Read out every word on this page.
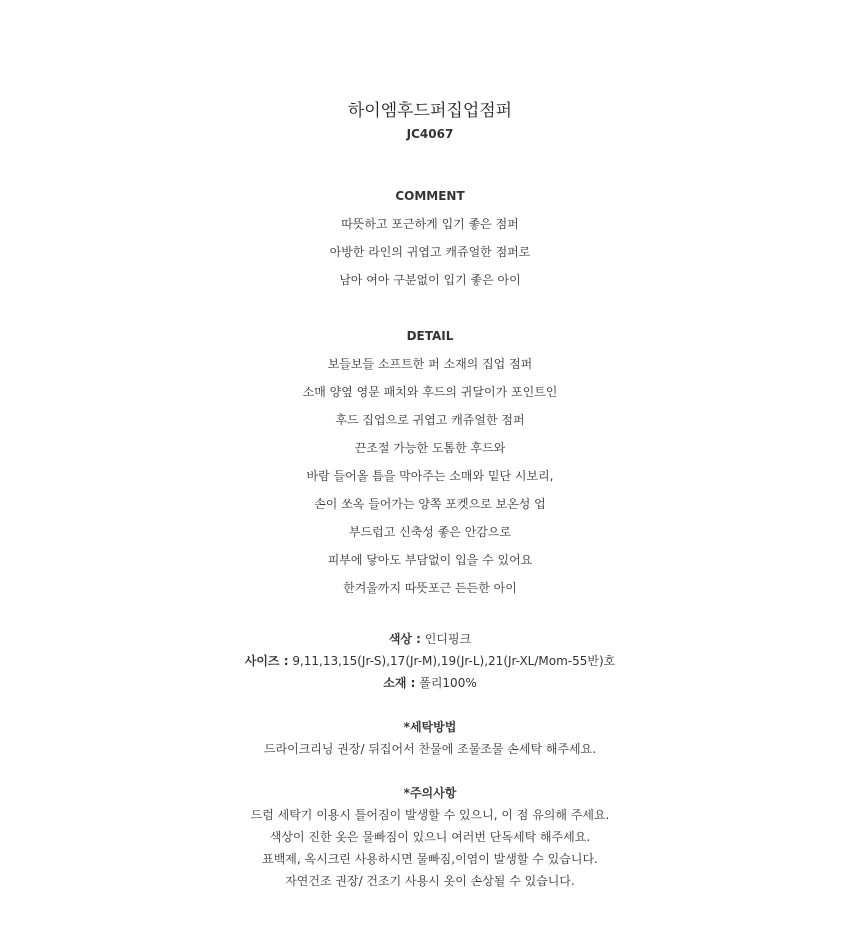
하이엠후드퍼집업점퍼
JC4067
COMMENT
따뜻하고 포근하게 입기 좋은 점퍼
아방한 라인의 귀엽고 캐쥬얼한 점퍼로
남아 여아 구분없이 입기 좋은 아이
DETAIL
보들보들 소프트한 퍼 소재의 집업 점퍼
소매 양옆 영문 패치와 후드의 귀달이가 포인트인
후드 집업으로 귀엽고 캐쥬얼한 점퍼
끈조절 가능한 도톰한 후드와
바람 들어올 틈을 막아주는 소매와 밑단 시보리,
손이 쏘옥 들어가는 양쪽 포켓으로 보온성 업
부드럽고 신축성 좋은 안감으로
피부에 닿아도 부담없이 입을 수 있어요
한겨울까지 따뜻포근 든든한 아이
색상 : 인디핑크
사이즈 : 9,11,13,15(Jr-S),17(Jr-M),19(Jr-L),21(Jr-XL/Mom-55반)호
소재 : 폴리100%
*세탁방법
드라이크리닝 권장/ 뒤집어서 찬물에 조물조물 손세탁 해주세요.
*주의사항
드럼 세탁기 이용시 틀어짐이 발생할 수 있으니, 이 점 유의해 주세요.
색상이 진한 옷은 물빠짐이 있으니 여러번 단독세탁 해주세요.
표백제, 옥시크린 사용하시면 물빠짐,이염이 발생할 수 있습니다.
자연건조 권장/ 건조기 사용시 옷이 손상될 수 있습니다.
